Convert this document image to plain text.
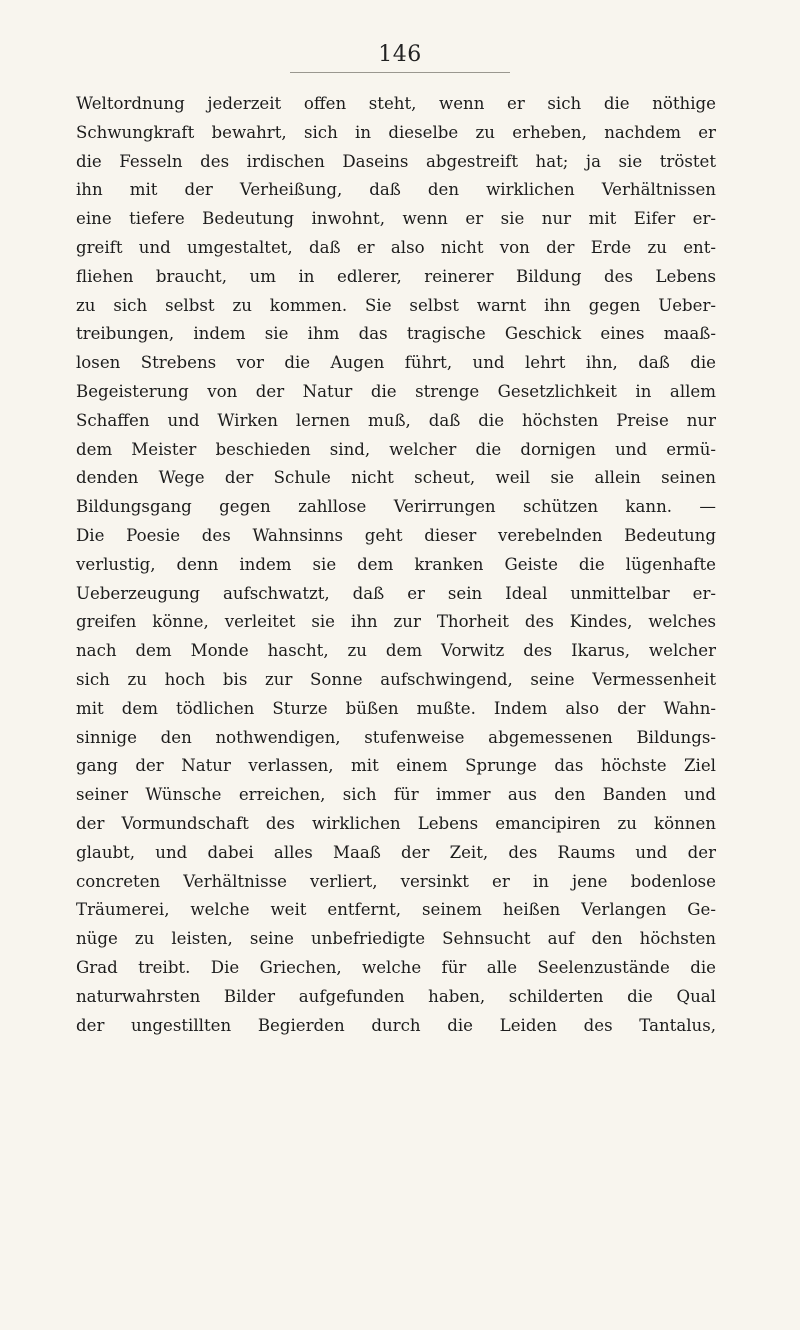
146
Weltordnung jederzeit offen steht, wenn er sich die nöthige
Schwungkraft bewahrt, sich in dieselbe zu erheben, nachdem er
die Fesseln des irdischen Daseins abgestreift hat; ja sie tröstet
ihn mit der Verheißung, daß den wirklichen Verhältnissen
eine tiefere Bedeutung inwohnt, wenn er sie nur mit Eifer er-
greift und umgestaltet, daß er also nicht von der Erde zu ent-
fliehen braucht, um in edlerer, reinerer Bildung des Lebens
zu sich selbst zu kommen. Sie selbst warnt ihn gegen Ueber-
treibungen, indem sie ihm das tragische Geschick eines maaß-
losen Strebens vor die Augen führt, und lehrt ihn, daß die
Begeisterung von der Natur die strenge Gesetzlichkeit in allem
Schaffen und Wirken lernen muß, daß die höchsten Preise nur
dem Meister beschieden sind, welcher die dornigen und ermü-
denden Wege der Schule nicht scheut, weil sie allein seinen
Bildungsgang gegen zahllose Verirrungen schützen kann. —
Die Poesie des Wahnsinns geht dieser verebelnden Bedeutung
verlustig, denn indem sie dem kranken Geiste die lügenhafte
Ueberzeugung aufschwatzt, daß er sein Ideal unmittelbar er-
greifen könne, verleitet sie ihn zur Thorheit des Kindes, welches
nach dem Monde hascht, zu dem Vorwitz des Ikarus, welcher
sich zu hoch bis zur Sonne aufschwingend, seine Vermessenheit
mit dem tödlichen Sturze büßen mußte. Indem also der Wahn-
sinnige den nothwendigen, stufenweise abgemessenen Bildungs-
gang der Natur verlassen, mit einem Sprunge das höchste Ziel
seiner Wünsche erreichen, sich für immer aus den Banden und
der Vormundschaft des wirklichen Lebens emancipiren zu können
glaubt, und dabei alles Maaß der Zeit, des Raums und der
concreten Verhältnisse verliert, versinkt er in jene bodenlose
Träumerei, welche weit entfernt, seinem heißen Verlangen Ge-
nüge zu leisten, seine unbefriedigte Sehnsucht auf den höchsten
Grad treibt. Die Griechen, welche für alle Seelenzustände die
naturwahrsten Bilder aufgefunden haben, schilderten die Qual
der ungestillten Begierden durch die Leiden des Tantalus,
